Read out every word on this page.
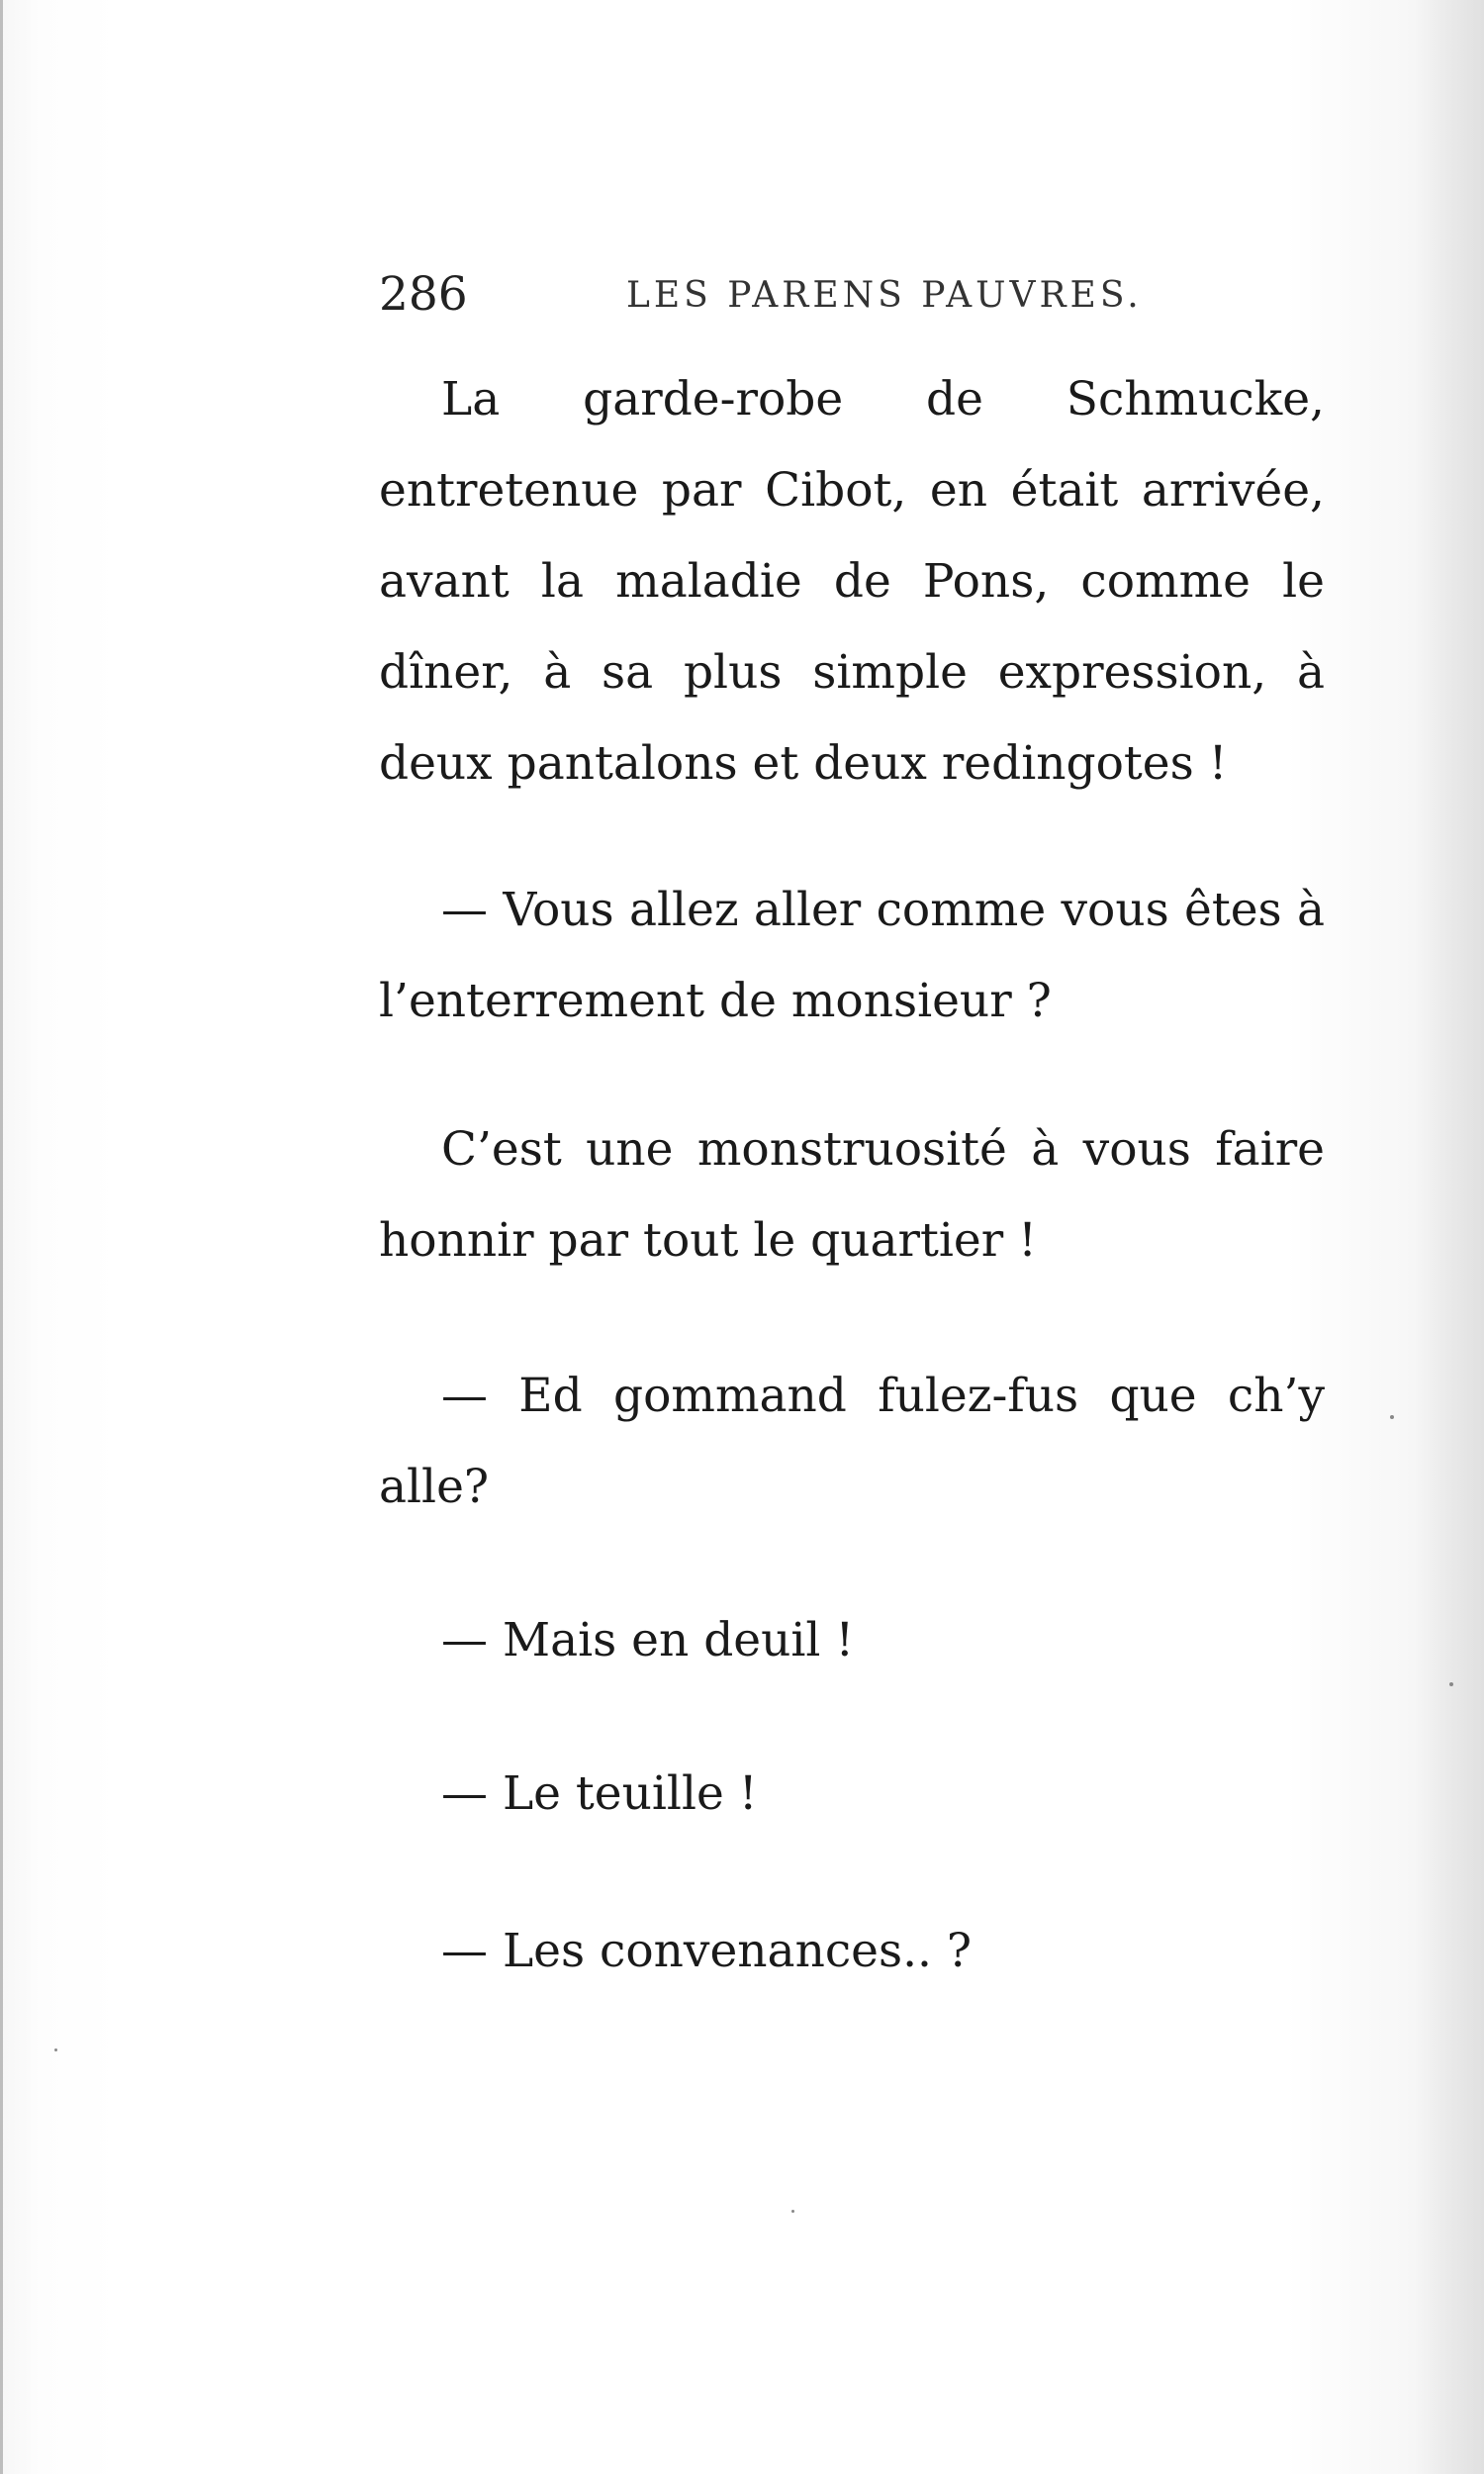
286	LES PARENS PAUVRES.

La garde-robe de Schmucke, entretenue par Cibot, en était arrivée, avant la maladie de Pons, comme le dîner, à sa plus simple expression, à deux pantalons et deux redingotes !

— Vous allez aller comme vous êtes à l’enterrement de monsieur ?

C’est une monstruosité à vous faire honnir par tout le quartier !

— Ed gommand fulez-fus que ch’y alle?

— Mais en deuil !

— Le teuille !

— Les convenances.. ?
